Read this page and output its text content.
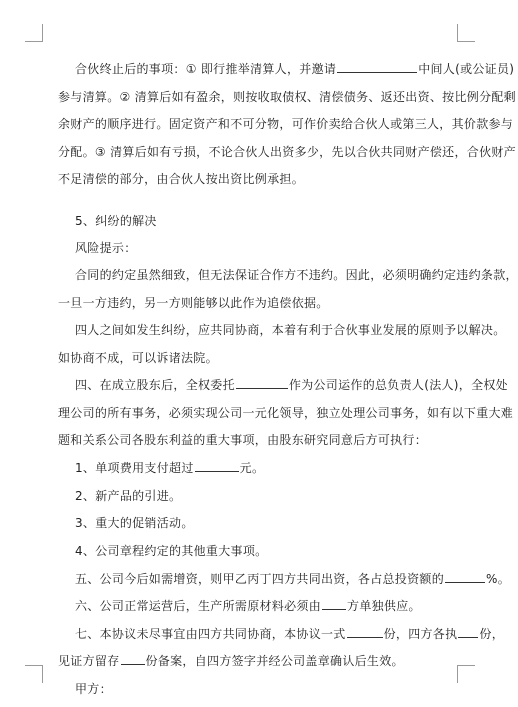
合伙终止后的事项：① 即行推举清算人，并邀请	中间人(或公证员)
参与清算。② 清算后如有盈余，则按收取债权、清偿债务、返还出资、按比例分配剩
余财产的顺序进行。固定资产和不可分物，可作价卖给合伙人或第三人，其价款参与
分配。③ 清算后如有亏损，不论合伙人出资多少，先以合伙共同财产偿还，合伙财产
不足清偿的部分，由合伙人按出资比例承担。
5、纠纷的解决
风险提示：
合同的约定虽然细致，但无法保证合作方不违约。因此，必须明确约定违约条款，
一旦一方违约，另一方则能够以此作为追偿依据。
四人之间如发生纠纷，应共同协商，本着有利于合伙事业发展的原则予以解决。
如协商不成，可以诉诸法院。
四、在成立股东后，全权委托	作为公司运作的总负责人(法人)，全权处
理公司的所有事务，必须实现公司一元化领导，独立处理公司事务，如有以下重大难
题和关系公司各股东利益的重大事项，由股东研究同意后方可执行：
1、单项费用支付超过	元。
2、新产品的引进。
3、重大的促销活动。
4、公司章程约定的其他重大事项。
五、公司今后如需增资，则甲乙丙丁四方共同出资，各占总投资额的	%。
六、公司正常运营后，生产所需原材料必须由 方单独供应。
七、本协议未尽事宜由四方共同协商，本协议一式	份，四方各执 份，
见证方留存 份备案，自四方签字并经公司盖章确认后生效。
甲方：
